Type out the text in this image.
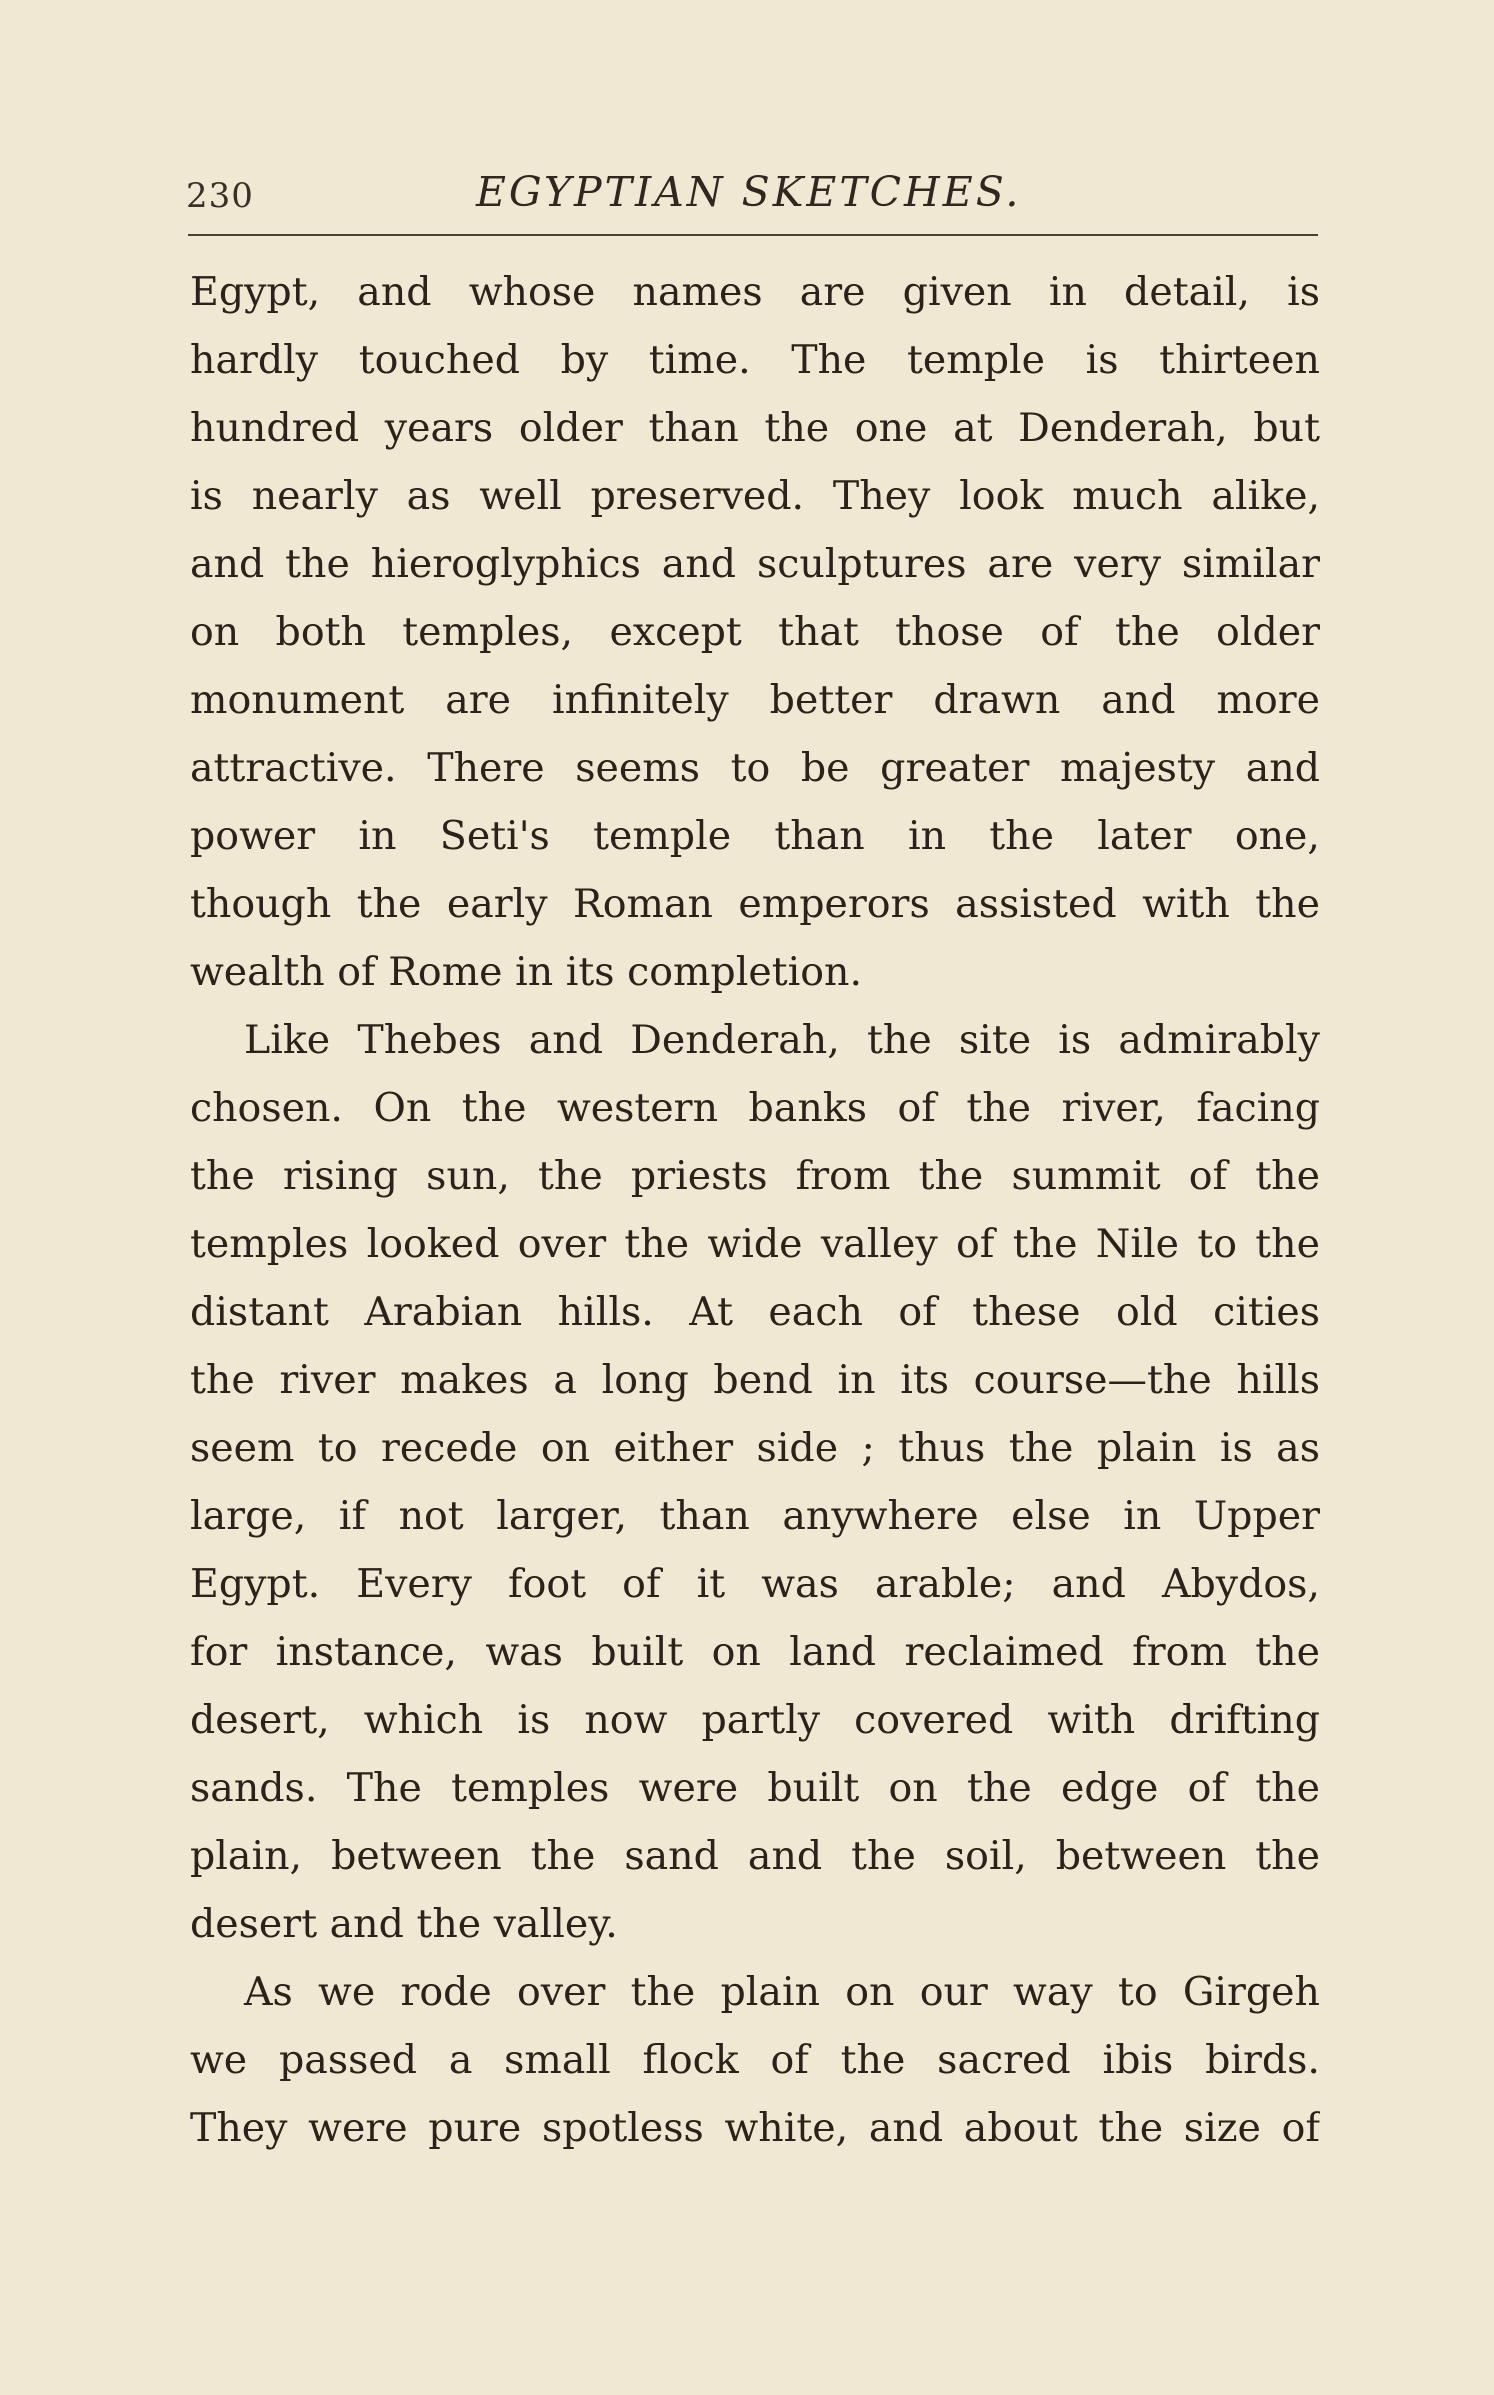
230	EGYPTIAN SKETCHES.
Egypt, and whose names are given in detail, is
hardly touched by time. The temple is thirteen
hundred years older than the one at Denderah, but
is nearly as well preserved. They look much alike,
and the hieroglyphics and sculptures are very similar
on both temples, except that those of the older
monument are infinitely better drawn and more
attractive. There seems to be greater majesty and
power in Seti's temple than in the later one,
though the early Roman emperors assisted with the
wealth of Rome in its completion.
Like Thebes and Denderah, the site is admirably
chosen. On the western banks of the river, facing
the rising sun, the priests from the summit of the
temples looked over the wide valley of the Nile to the
distant Arabian hills. At each of these old cities
the river makes a long bend in its course—the hills
seem to recede on either side ; thus the plain is as
large, if not larger, than anywhere else in Upper
Egypt. Every foot of it was arable; and Abydos,
for instance, was built on land reclaimed from the
desert, which is now partly covered with drifting
sands. The temples were built on the edge of the
plain, between the sand and the soil, between the
desert and the valley.
As we rode over the plain on our way to Girgeh
we passed a small flock of the sacred ibis birds.
They were pure spotless white, and about the size of
